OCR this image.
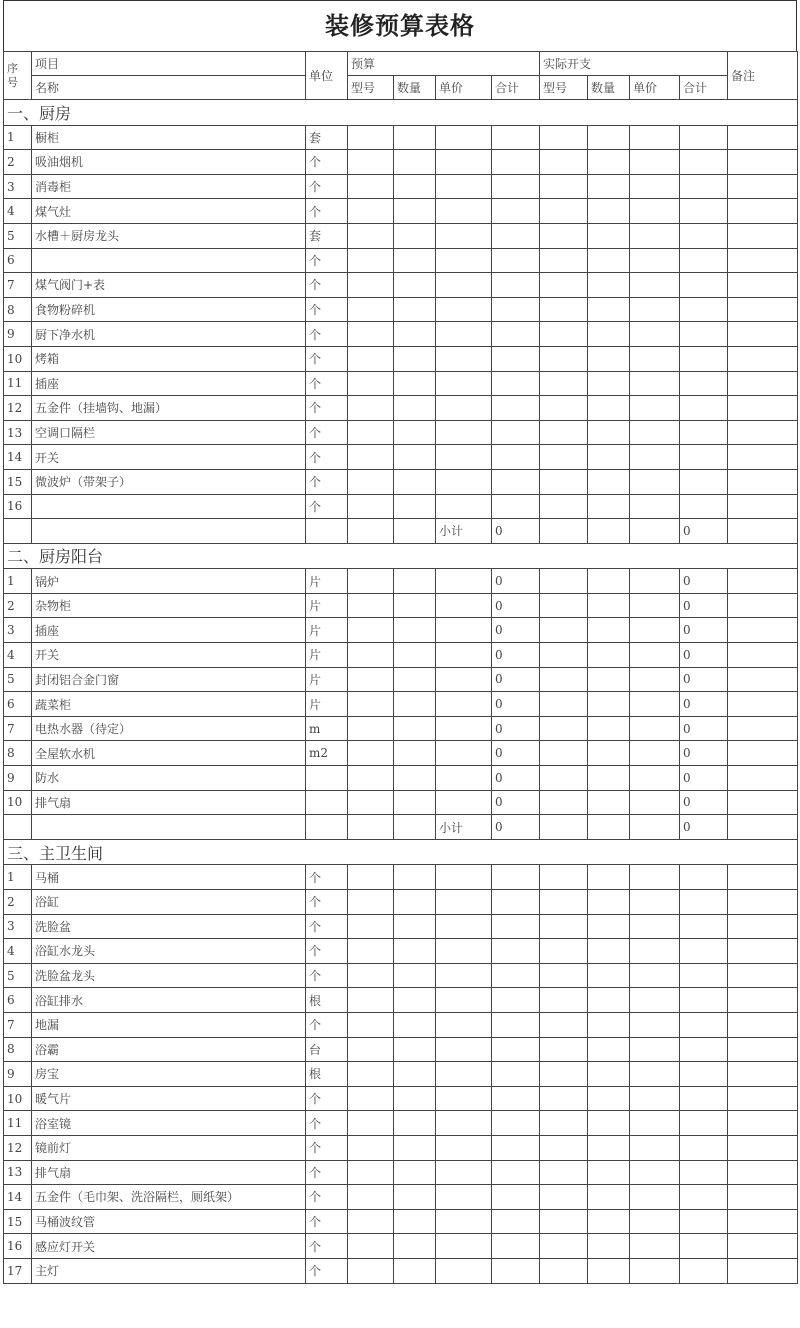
装修预算表格
序号	项目	单位	预算				实际开支				备注
	名称		型号	数量	单价	合计	型号	数量	单价	合计	
一、厨房											
1	橱柜	套									
2	吸油烟机	个									
3	消毒柜	个									
4	煤气灶	个									
5	水槽＋厨房龙头	套									
6		个									
7	煤气阀门+表	个									
8	食物粉碎机	个									
9	厨下净水机	个									
10	烤箱	个									
11	插座	个									
12	五金件（挂墙钩、地漏）	个									
13	空调口隔栏	个									
14	开关	个									
15	微波炉（带架子）	个									
16		个									
					小计	0				0	
二、厨房阳台											
1	锅炉	片				0				0	
2	杂物柜	片				0				0	
3	插座	片				0				0	
4	开关	片				0				0	
5	封闭铝合金门窗	片				0				0	
6	蔬菜柜	片				0				0	
7	电热水器（待定）	m				0				0	
8	全屋软水机	m2				0				0	
9	防水					0				0	
10	排气扇					0				0	
					小计	0				0	
三、主卫生间											
1	马桶	个									
2	浴缸	个									
3	洗脸盆	个									
4	浴缸水龙头	个									
5	洗脸盆龙头	个									
6	浴缸排水	根									
7	地漏	个									
8	浴霸	台									
9	房宝	根									
10	暖气片	个									
11	浴室镜	个									
12	镜前灯	个									
13	排气扇	个									
14	五金件（毛巾架、洗浴隔栏，厕纸架）	个									
15	马桶波纹管	个									
16	感应灯开关	个									
17	主灯	个									
